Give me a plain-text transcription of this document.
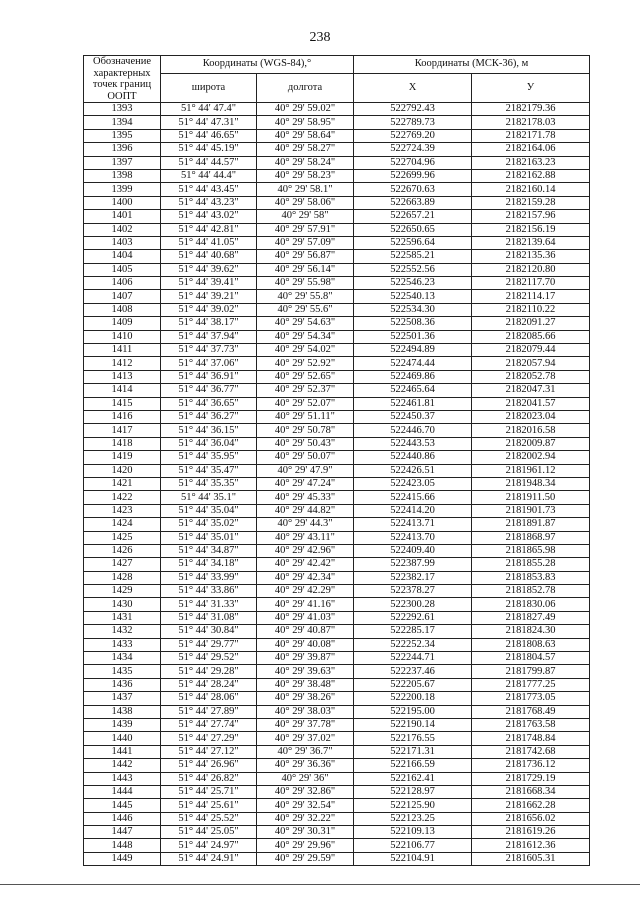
238
Обозначение характерных точек границ ООПТ	Координаты (WGS-84),°		Координаты (МСК-36), м	
	широта	долгота	X	У
1393	51° 44' 47.4"	40° 29' 59.02"	522792.43	2182179.36
1394	51° 44' 47.31"	40° 29' 58.95"	522789.73	2182178.03
1395	51° 44' 46.65"	40° 29' 58.64"	522769.20	2182171.78
1396	51° 44' 45.19"	40° 29' 58.27"	522724.39	2182164.06
1397	51° 44' 44.57"	40° 29' 58.24"	522704.96	2182163.23
1398	51° 44' 44.4"	40° 29' 58.23"	522699.96	2182162.88
1399	51° 44' 43.45"	40° 29' 58.1"	522670.63	2182160.14
1400	51° 44' 43.23"	40° 29' 58.06"	522663.89	2182159.28
1401	51° 44' 43.02"	40° 29' 58"	522657.21	2182157.96
1402	51° 44' 42.81"	40° 29' 57.91"	522650.65	2182156.19
1403	51° 44' 41.05"	40° 29' 57.09"	522596.64	2182139.64
1404	51° 44' 40.68"	40° 29' 56.87"	522585.21	2182135.36
1405	51° 44' 39.62"	40° 29' 56.14"	522552.56	2182120.80
1406	51° 44' 39.41"	40° 29' 55.98"	522546.23	2182117.70
1407	51° 44' 39.21"	40° 29' 55.8"	522540.13	2182114.17
1408	51° 44' 39.02"	40° 29' 55.6"	522534.30	2182110.22
1409	51° 44' 38.17"	40° 29' 54.63"	522508.36	2182091.27
1410	51° 44' 37.94"	40° 29' 54.34"	522501.36	2182085.66
1411	51° 44' 37.73"	40° 29' 54.02"	522494.89	2182079.44
1412	51° 44' 37.06"	40° 29' 52.92"	522474.44	2182057.94
1413	51° 44' 36.91"	40° 29' 52.65"	522469.86	2182052.78
1414	51° 44' 36.77"	40° 29' 52.37"	522465.64	2182047.31
1415	51° 44' 36.65"	40° 29' 52.07"	522461.81	2182041.57
1416	51° 44' 36.27"	40° 29' 51.11"	522450.37	2182023.04
1417	51° 44' 36.15"	40° 29' 50.78"	522446.70	2182016.58
1418	51° 44' 36.04"	40° 29' 50.43"	522443.53	2182009.87
1419	51° 44' 35.95"	40° 29' 50.07"	522440.86	2182002.94
1420	51° 44' 35.47"	40° 29' 47.9"	522426.51	2181961.12
1421	51° 44' 35.35"	40° 29' 47.24"	522423.05	2181948.34
1422	51° 44' 35.1"	40° 29' 45.33"	522415.66	2181911.50
1423	51° 44' 35.04"	40° 29' 44.82"	522414.20	2181901.73
1424	51° 44' 35.02"	40° 29' 44.3"	522413.71	2181891.87
1425	51° 44' 35.01"	40° 29' 43.11"	522413.70	2181868.97
1426	51° 44' 34.87"	40° 29' 42.96"	522409.40	2181865.98
1427	51° 44' 34.18"	40° 29' 42.42"	522387.99	2181855.28
1428	51° 44' 33.99"	40° 29' 42.34"	522382.17	2181853.83
1429	51° 44' 33.86"	40° 29' 42.29"	522378.27	2181852.78
1430	51° 44' 31.33"	40° 29' 41.16"	522300.28	2181830.06
1431	51° 44' 31.08"	40° 29' 41.03"	522292.61	2181827.49
1432	51° 44' 30.84"	40° 29' 40.87"	522285.17	2181824.30
1433	51° 44' 29.77"	40° 29' 40.08"	522252.34	2181808.63
1434	51° 44' 29.52"	40° 29' 39.87"	522244.71	2181804.57
1435	51° 44' 29.28"	40° 29' 39.63"	522237.46	2181799.87
1436	51° 44' 28.24"	40° 29' 38.48"	522205.67	2181777.25
1437	51° 44' 28.06"	40° 29' 38.26"	522200.18	2181773.05
1438	51° 44' 27.89"	40° 29' 38.03"	522195.00	2181768.49
1439	51° 44' 27.74"	40° 29' 37.78"	522190.14	2181763.58
1440	51° 44' 27.29"	40° 29' 37.02"	522176.55	2181748.84
1441	51° 44' 27.12"	40° 29' 36.7"	522171.31	2181742.68
1442	51° 44' 26.96"	40° 29' 36.36"	522166.59	2181736.12
1443	51° 44' 26.82"	40° 29' 36"	522162.41	2181729.19
1444	51° 44' 25.71"	40° 29' 32.86"	522128.97	2181668.34
1445	51° 44' 25.61"	40° 29' 32.54"	522125.90	2181662.28
1446	51° 44' 25.52"	40° 29' 32.22"	522123.25	2181656.02
1447	51° 44' 25.05"	40° 29' 30.31"	522109.13	2181619.26
1448	51° 44' 24.97"	40° 29' 29.96"	522106.77	2181612.36
1449	51° 44' 24.91"	40° 29' 29.59"	522104.91	2181605.31
